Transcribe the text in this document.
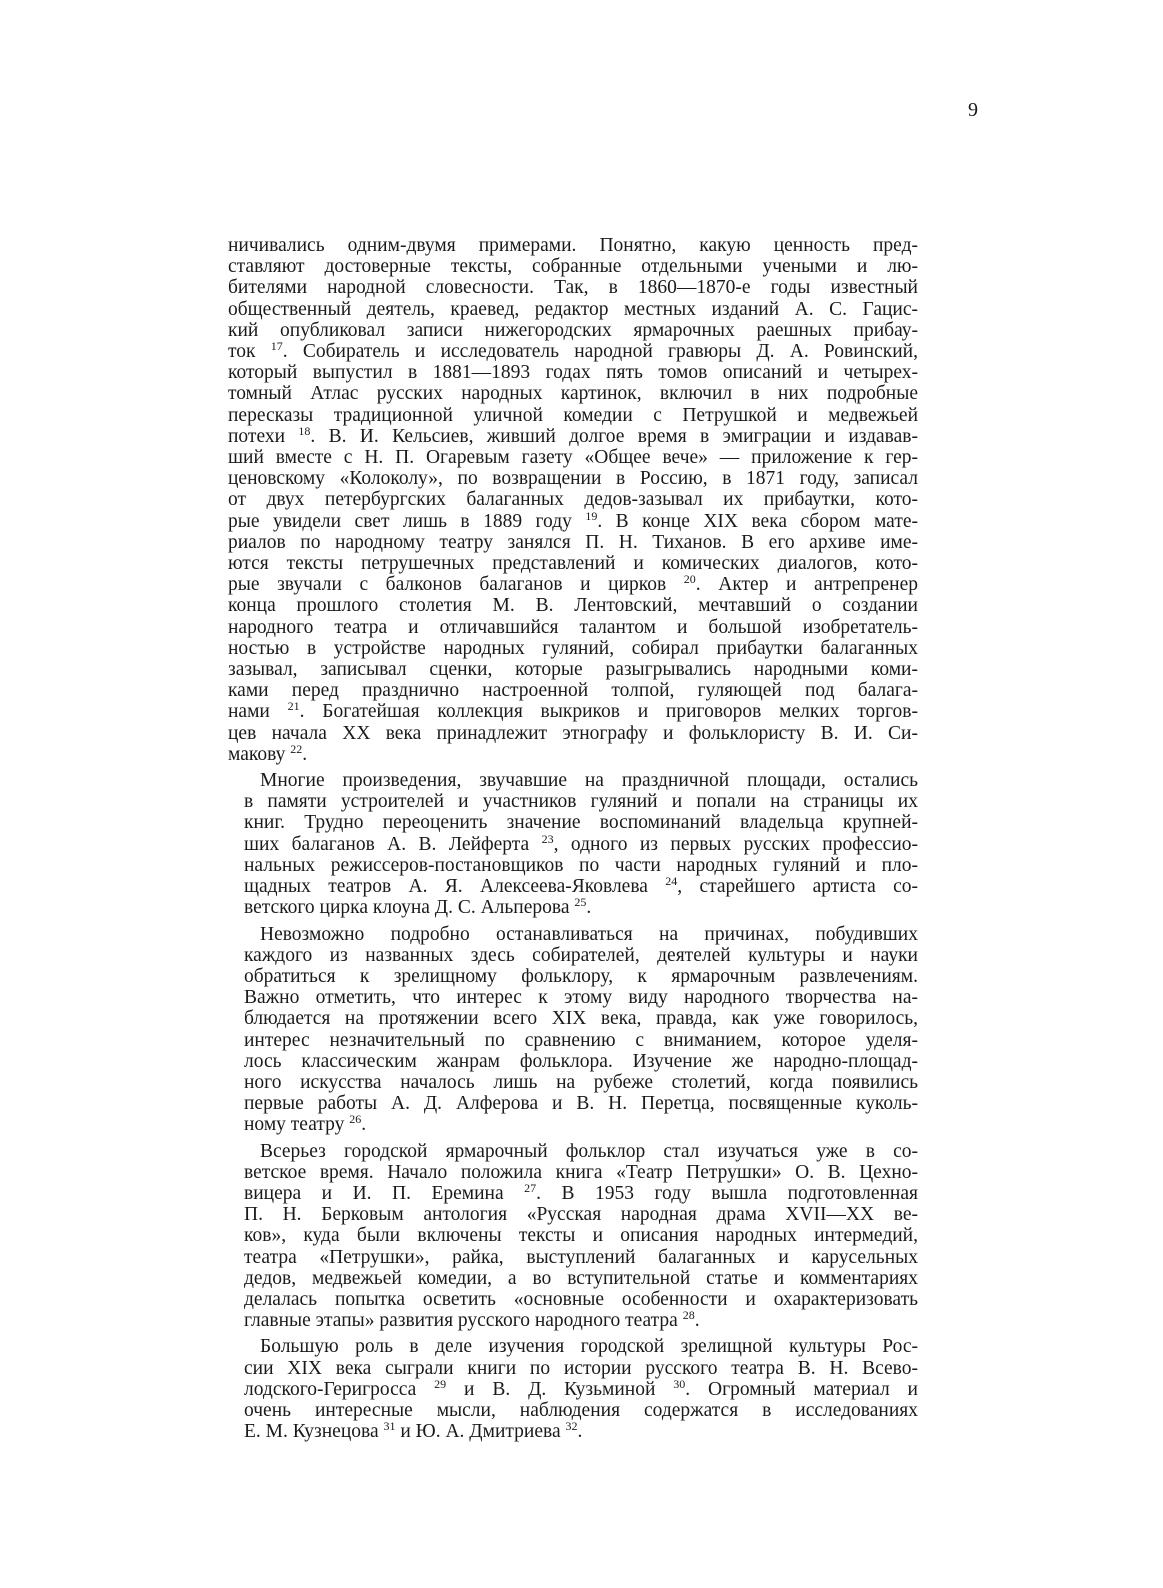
9

ничивались одним-двумя примерами. Понятно, какую ценность пред-
ставляют достоверные тексты, собранные отдельными учеными и лю-
бителями народной словесности. Так, в 1860—1870-е годы известный
общественный деятель, краевед, редактор местных изданий А. С. Гацис-
кий опубликовал записи нижегородских ярмарочных раешных прибау-
ток $^{17}$. Собиратель и исследователь народной гравюры Д. А. Ровинский,
который выпустил в 1881—1893 годах пять томов описаний и четырех-
томный Атлас русских народных картинок, включил в них подробные
пересказы традиционной уличной комедии с Петрушкой и медвежьей
потехи $^{18}$. В. И. Кельсиев, живший долгое время в эмиграции и издавав-
ший вместе с Н. П. Огаревым газету «Общее вече» — приложение к гер-
ценовскому «Колоколу», по возвращении в Россию, в 1871 году, записал
от двух петербургских балаганных дедов-зазывал их прибаутки, кото-
рые увидели свет лишь в 1889 году $^{19}$. В конце XIX века сбором мате-
риалов по народному театру занялся П. Н. Тиханов. В его архиве име-
ются тексты петрушечных представлений и комических диалогов, кото-
рые звучали с балконов балаганов и цирков $^{20}$. Актер и антрепренер
конца прошлого столетия М. В. Лентовский, мечтавший о создании
народного театра и отличавшийся талантом и большой изобретатель-
ностью в устройстве народных гуляний, собирал прибаутки балаганных
зазывал, записывал сценки, которые разыгрывались народными коми-
ками перед празднично настроенной толпой, гуляющей под балага-
нами $^{21}$. Богатейшая коллекция выкриков и приговоров мелких торгов-
цев начала XX века принадлежит этнографу и фольклористу В. И. Си-
макову $^{22}$.

Многие произведения, звучавшие на праздничной площади, остались
в памяти устроителей и участников гуляний и попали на страницы их
книг. Трудно переоценить значение воспоминаний владельца крупней-
ших балаганов А. В. Лейферта $^{23}$, одного из первых русских профессио-
нальных режиссеров-постановщиков по части народных гуляний и пло-
щадных театров А. Я. Алексеева-Яковлева $^{24}$, старейшего артиста со-
ветского цирка клоуна Д. С. Альперова $^{25}$.

Невозможно подробно останавливаться на причинах, побудивших
каждого из названных здесь собирателей, деятелей культуры и науки
обратиться к зрелищному фольклору, к ярмарочным развлечениям.
Важно отметить, что интерес к этому виду народного творчества на-
блюдается на протяжении всего XIX века, правда, как уже говорилось,
интерес незначительный по сравнению с вниманием, которое уделя-
лось классическим жанрам фольклора. Изучение же народно-площад-
ного искусства началось лишь на рубеже столетий, когда появились
первые работы А. Д. Алферова и В. Н. Перетца, посвященные куколь-
ному театру $^{26}$.

Всерьез городской ярмарочный фольклор стал изучаться уже в со-
ветское время. Начало положила книга «Театр Петрушки» О. В. Цехно-
вицера и И. П. Еремина $^{27}$. В 1953 году вышла подготовленная
П. Н. Берковым антология «Русская народная драма XVII—XX ве-
ков», куда были включены тексты и описания народных интермедий,
театра «Петрушки», райка, выступлений балаганных и карусельных
дедов, медвежьей комедии, а во вступительной статье и комментариях
делалась попытка осветить «основные особенности и охарактеризовать
главные этапы» развития русского народного театра $^{28}$.

Большую роль в деле изучения городской зрелищной культуры Рос-
сии XIX века сыграли книги по истории русского театра В. Н. Всево-
лодского-Геригросса $^{29}$ и В. Д. Кузьминой $^{30}$. Огромный материал и
очень интересные мысли, наблюдения содержатся в исследованиях
Е. М. Кузнецова $^{31}$ и Ю. А. Дмитриева $^{32}$.
